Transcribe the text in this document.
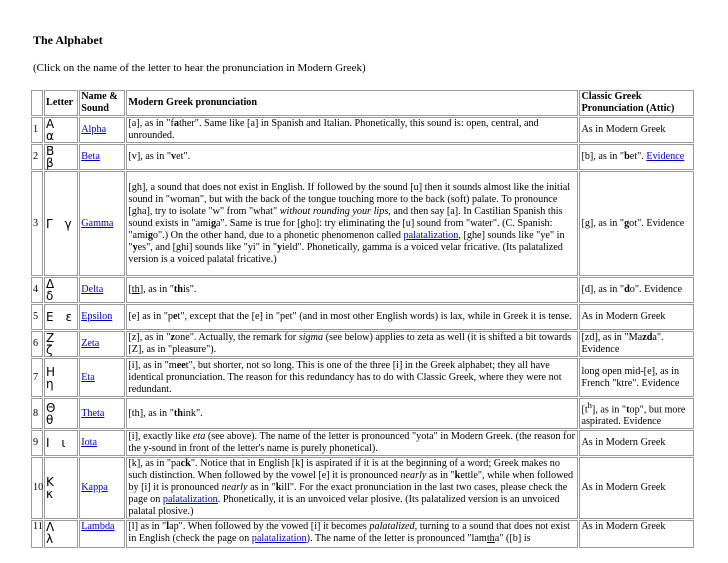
The Alphabet
(Click on the name of the letter to hear the pronunciation in Modern Greek)
	Letter	Name & Sound	Modern Greek pronunciation	Classic Greek Pronunciation (Attic)
1	Α α	Alpha	[a], as in "father". Same like [a] in Spanish and Italian. Phonetically, this sound is: open, central, and unrounded.	As in Modern Greek
2	Β β	Beta	[v], as in "vet".	[b], as in "bet". Evidence
3	Γ γ	Gamma	[gh], a sound that does not exist in English. If followed by the sound [u] then it sounds almost like the initial sound in "woman", but with the back of the tongue touching more to the back (soft) palate. To pronounce [gha], try to isolate "w" from "what" without rounding your lips, and then say [a]. In Castilian Spanish this sound exists in "amiga". Same is true for [gho]: try eliminating the [u] sound from "water". (C. Spanish: "amigo".) On the other hand, due to a phonetic phenomenon called palatalization, [ghe] sounds like "ye" in "yes", and [ghi] sounds like "yi" in "yield". Phonetically, gamma is a voiced velar fricative. (Its palatalized version is a voiced palatal fricative.)	[g], as in "got". Evidence
4	Δ δ	Delta	[th], as in "this".	[d], as in "do". Evidence
5	Ε ε	Epsilon	[e] as in "pet", except that the [e] in "pet" (and in most other English words) is lax, while in Greek it is tense.	As in Modern Greek
6	Ζ ζ	Zeta	[z], as in "zone". Actually, the remark for sigma (see below) applies to zeta as well (it is shifted a bit towards [Z], as in "pleasure").	[zd], as in "Mazda". Evidence
7	Η η	Eta	[i], as in "meet", but shorter, not so long. This is one of the three [i] in the Greek alphabet; they all have identical pronunciation. The reason for this redundancy has to do with Classic Greek, where they were not redundant.	long open mid-[e], as in French "ktre". Evidence
8	Θ θ	Theta	[th], as in "think".	$[t^h]$, as in "top", but more aspirated. Evidence
9	Ι ι	Iota	[i], exactly like eta (see above). The name of the letter is pronounced "yota" in Modern Greek. (the reason for the y-sound in front of the letter's name is purely phonetical).	As in Modern Greek
10	Κ κ	Kappa	[k], as in "pack". Notice that in English [k] is aspirated if it is at the beginning of a word; Greek makes no such distinction. When followed by the vowel [e] it is pronounced nearly as in "kettle", while when followed by [i] it is pronounced nearly as in "kill". For the exact pronunciation in the last two cases, please check the page on palatalization. Phonetically, it is an unvoiced velar plosive. (Its palatalized version is an unvoiced palatal plosive.)	As in Modern Greek
11	Λ λ	Lambda	[l] as in "lap". When followed by the vowed [i] it becomes palatalized, turning to a sound that does not exist in English (check the page on palatalization). The name of the letter is pronounced "lamtha" ([b] is	As in Modern Greek
